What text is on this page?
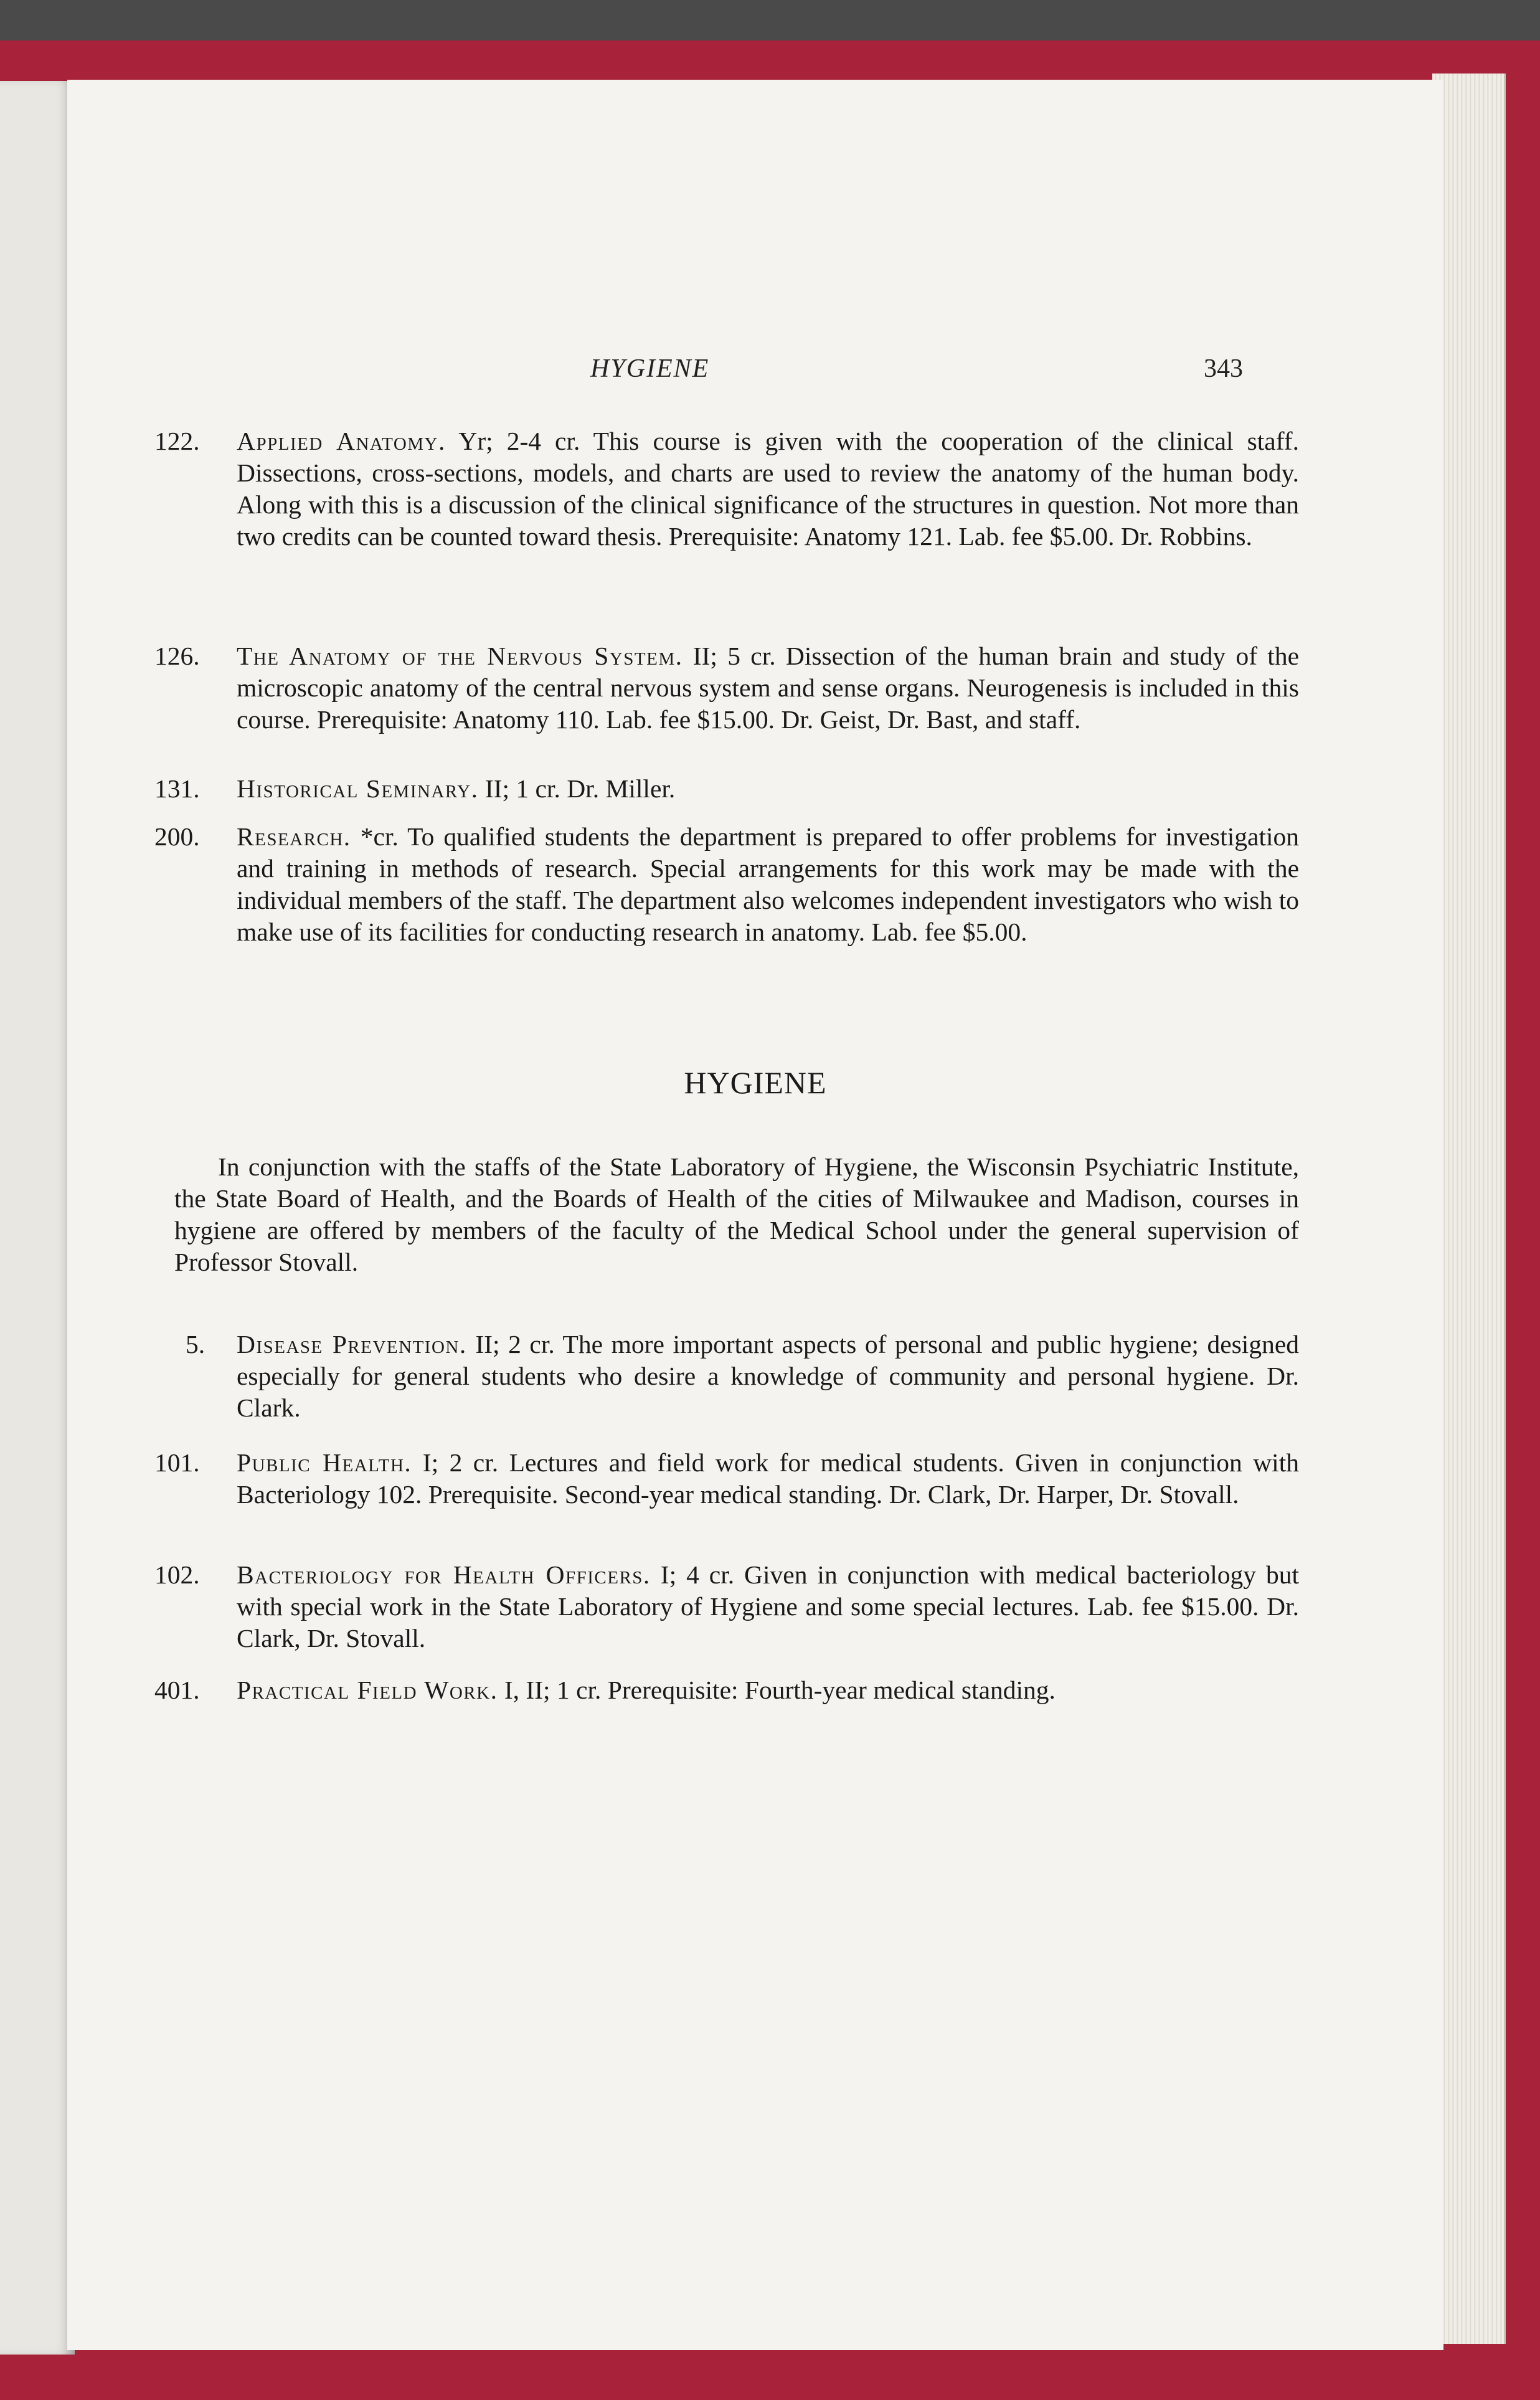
HYGIENE	343
122.	Applied Anatomy. Yr; 2-4 cr. This course is given with the cooperation of the clinical staff. Dissections, cross-sections, models, and charts are used to review the anatomy of the human body. Along with this is a discussion of the clinical significance of the structures in question. Not more than two credits can be counted toward thesis. Prerequisite: Anatomy 121. Lab. fee $5.00. Dr. Robbins.
126.	The Anatomy of the Nervous System. II; 5 cr. Dissection of the human brain and study of the microscopic anatomy of the central nervous system and sense organs. Neurogenesis is included in this course. Prerequisite: Anatomy 110. Lab. fee $15.00. Dr. Geist, Dr. Bast, and staff.
131.	Historical Seminary. II; 1 cr. Dr. Miller.
200.	Research. *cr. To qualified students the department is prepared to offer problems for investigation and training in methods of research. Special arrangements for this work may be made with the individual members of the staff. The department also welcomes independent investigators who wish to make use of its facilities for conducting research in anatomy. Lab. fee $5.00.
HYGIENE
In conjunction with the staffs of the State Laboratory of Hygiene, the Wisconsin Psychiatric Institute, the State Board of Health, and the Boards of Health of the cities of Milwaukee and Madison, courses in hygiene are offered by members of the faculty of the Medical School under the general supervision of Professor Stovall.
5.	Disease Prevention. II; 2 cr. The more important aspects of personal and public hygiene; designed especially for general students who desire a knowledge of community and personal hygiene. Dr. Clark.
101.	Public Health. I; 2 cr. Lectures and field work for medical students. Given in conjunction with Bacteriology 102. Prerequisite. Second-year medical standing. Dr. Clark, Dr. Harper, Dr. Stovall.
102.	Bacteriology for Health Officers. I; 4 cr. Given in conjunction with medical bacteriology but with special work in the State Laboratory of Hygiene and some special lectures. Lab. fee $15.00. Dr. Clark, Dr. Stovall.
401.	Practical Field Work. I, II; 1 cr. Prerequisite: Fourth-year medical standing.
